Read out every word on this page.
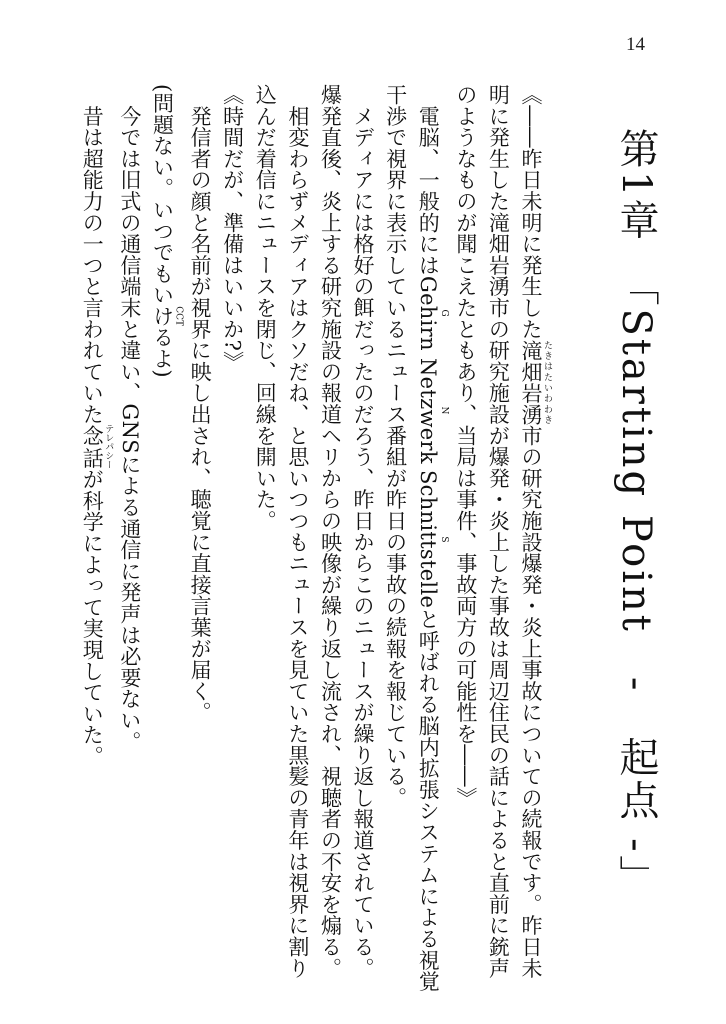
14
第1章　「Starting Point　-　起点 -」

《――昨日未明に発生した滝畑岩湧 たきはたいわわき市の研究施設爆発・炎上事故についての続報です。昨日未明に発生した滝畑岩湧市の研究施設が爆発・炎上した事故は周辺住民の話によると直前に銃声のようなものが聞こえたともあり、当局は事件、事故両方の可能性を――》

　電脳、一般的にはGehirn G Netzwerk N Schnittstelle Sと呼ばれる脳内拡張システムによる視覚干渉で視界に表示しているニュース番組が昨日の事故の続報を報じている。

　メディアには格好の餌だったのだろう、昨日からこのニュースが繰り返し報道されている。爆発直後、炎上する研究施設の報道ヘリからの映像が繰り返し流され、視聴者の不安を煽る。

　相変わらずメディアはクソだね、と思いつつもニュースを見ていた黒髪の青年は視界に割り込んだ着信にニュースを閉じ、回線を開いた。

《時間だが、準備はいいか?》

　発信者の顔と名前が視界に映し出され、聴覚に直接言葉が届く。

(問題ない。いつでもいける CCTよ)

　今では旧式の通信端末と違い、GNSによる通信に発声は必要ない。

　昔は超能力の一つと言われていた念話 テレパシーが科学によって実現していた。
